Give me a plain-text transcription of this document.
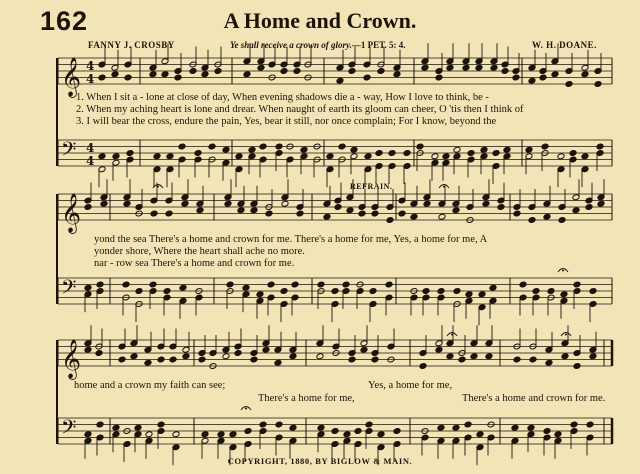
162	A Home and Crown.
FANNY J. CROSBY	Ye shall receive a crown of glory.—1 PET. 5: 4.	W. H. DOANE.
𝄞 4
4
𝄢 4
4
𝄞
𝄢
𝄞
𝄢
1. When I sit a - lone at close of day, When evening shadows die a - way, How I love to think, be -
2. When my aching heart is lone and drear. When naught of earth its gloom can cheer, O 'tis then I think of
3. I will bear the cross, endure the pain, Yes, bear it still, nor once complain; For I know, beyond the
REFRAIN.
yond the sea There's a home and crown for me. There's a home for me, Yes, a home for me, A
yonder shore, Where the heart shall ache no more.
nar - row sea There's a home and crown for me.
home and a crown my faith can see;	Yes, a home for me,
There's a home for me,	There's a home and crown for me.
COPYRIGHT, 1880, BY BIGLOW & MAIN.
